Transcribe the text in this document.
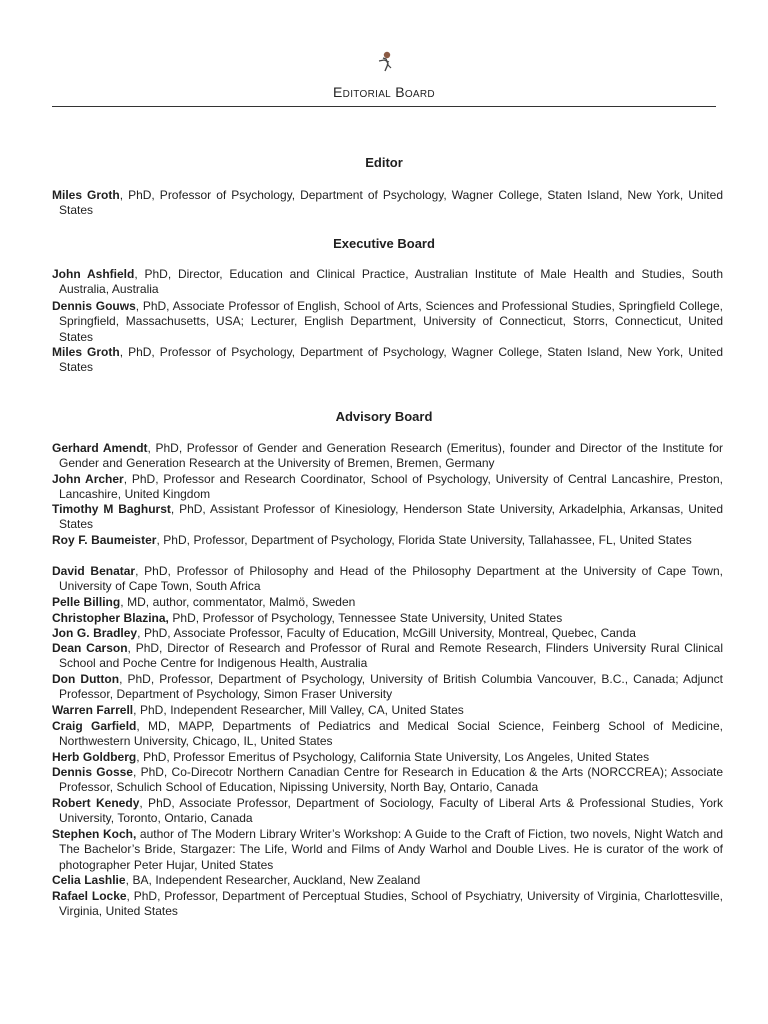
Editorial Board
Editor
Miles Groth, PhD, Professor of Psychology, Department of Psychology, Wagner College, Staten Island, New York, United States
Executive Board
John Ashfield, PhD, Director, Education and Clinical Practice, Australian Institute of Male Health and Studies, South Australia, Australia
Dennis Gouws, PhD, Associate Professor of English, School of Arts, Sciences and Professional Studies, Springfield College, Springfield, Massachusetts, USA; Lecturer, English Department, University of Connecticut, Storrs, Connecticut, United States
Miles Groth, PhD, Professor of Psychology, Department of Psychology, Wagner College, Staten Island, New York, United States
Advisory Board
Gerhard Amendt, PhD, Professor of Gender and Generation Research (Emeritus), founder and Director of the Institute for Gender and Generation Research at the University of Bremen, Bremen, Germany
John Archer, PhD, Professor and Research Coordinator, School of Psychology, University of Central Lancashire, Preston, Lancashire, United Kingdom
Timothy M Baghurst, PhD, Assistant Professor of Kinesiology, Henderson State University, Arkadelphia, Arkansas, United States
Roy F. Baumeister, PhD, Professor, Department of Psychology, Florida State University, Tallahassee, FL, United States
David Benatar, PhD, Professor of Philosophy and Head of the Philosophy Department at the University of Cape Town, University of Cape Town, South Africa
Pelle Billing, MD, author, commentator, Malmö, Sweden
Christopher Blazina, PhD, Professor of Psychology, Tennessee State University, United States
Jon G. Bradley, PhD, Associate Professor, Faculty of Education, McGill University, Montreal, Quebec, Canda
Dean Carson, PhD, Director of Research and Professor of Rural and Remote Research, Flinders University Rural Clinical School and Poche Centre for Indigenous Health, Australia
Don Dutton, PhD, Professor, Department of Psychology, University of British Columbia Vancouver, B.C., Canada; Adjunct Professor, Department of Psychology, Simon Fraser University
Warren Farrell, PhD, Independent Researcher, Mill Valley, CA, United States
Craig Garfield, MD, MAPP, Departments of Pediatrics and Medical Social Science, Feinberg School of Medicine, Northwestern University, Chicago, IL, United States
Herb Goldberg, PhD, Professor Emeritus of Psychology, California State University, Los Angeles, United States
Dennis Gosse, PhD, Co-Direcotr Northern Canadian Centre for Research in Education & the Arts (NORCCREA); Associate Professor, Schulich School of Education, Nipissing University, North Bay, Ontario, Canada
Robert Kenedy, PhD, Associate Professor, Department of Sociology, Faculty of Liberal Arts & Professional Studies, York University, Toronto, Ontario, Canada
Stephen Koch, author of The Modern Library Writer’s Workshop: A Guide to the Craft of Fiction, two novels, Night Watch and The Bachelor’s Bride, Stargazer: The Life, World and Films of Andy Warhol and Double Lives. He is curator of the work of photographer Peter Hujar, United States
Celia Lashlie, BA, Independent Researcher, Auckland, New Zealand
Rafael Locke, PhD, Professor, Department of Perceptual Studies, School of Psychiatry, University of Virginia, Charlottesville, Virginia, United States
